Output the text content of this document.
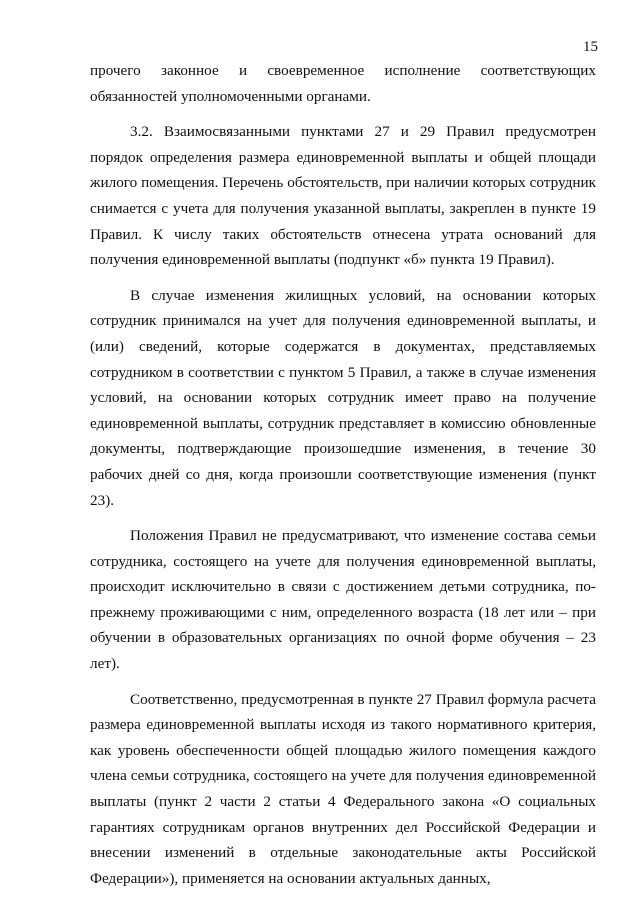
15

прочего законное и своевременное исполнение соответствующих обязанностей уполномоченными органами.

3.2. Взаимосвязанными пунктами 27 и 29 Правил предусмотрен порядок определения размера единовременной выплаты и общей площади жилого помещения. Перечень обстоятельств, при наличии которых сотрудник снимается с учета для получения указанной выплаты, закреплен в пункте 19 Правил. К числу таких обстоятельств отнесена утрата оснований для получения единовременной выплаты (подпункт «б» пункта 19 Правил).

В случае изменения жилищных условий, на основании которых сотрудник принимался на учет для получения единовременной выплаты, и (или) сведений, которые содержатся в документах, представляемых сотрудником в соответствии с пунктом 5 Правил, а также в случае изменения условий, на основании которых сотрудник имеет право на получение единовременной выплаты, сотрудник представляет в комиссию обновленные документы, подтверждающие произошедшие изменения, в течение 30 рабочих дней со дня, когда произошли соответствующие изменения (пункт 23).

Положения Правил не предусматривают, что изменение состава семьи сотрудника, состоящего на учете для получения единовременной выплаты, происходит исключительно в связи с достижением детьми сотрудника, по-прежнему проживающими с ним, определенного возраста (18 лет или – при обучении в образовательных организациях по очной форме обучения – 23 лет).

Соответственно, предусмотренная в пункте 27 Правил формула расчета размера единовременной выплаты исходя из такого нормативного критерия, как уровень обеспеченности общей площадью жилого помещения каждого члена семьи сотрудника, состоящего на учете для получения единовременной выплаты (пункт 2 части 2 статьи 4 Федерального закона «О социальных гарантиях сотрудникам органов внутренних дел Российской Федерации и внесении изменений в отдельные законодательные акты Российской Федерации»), применяется на основании актуальных данных,
